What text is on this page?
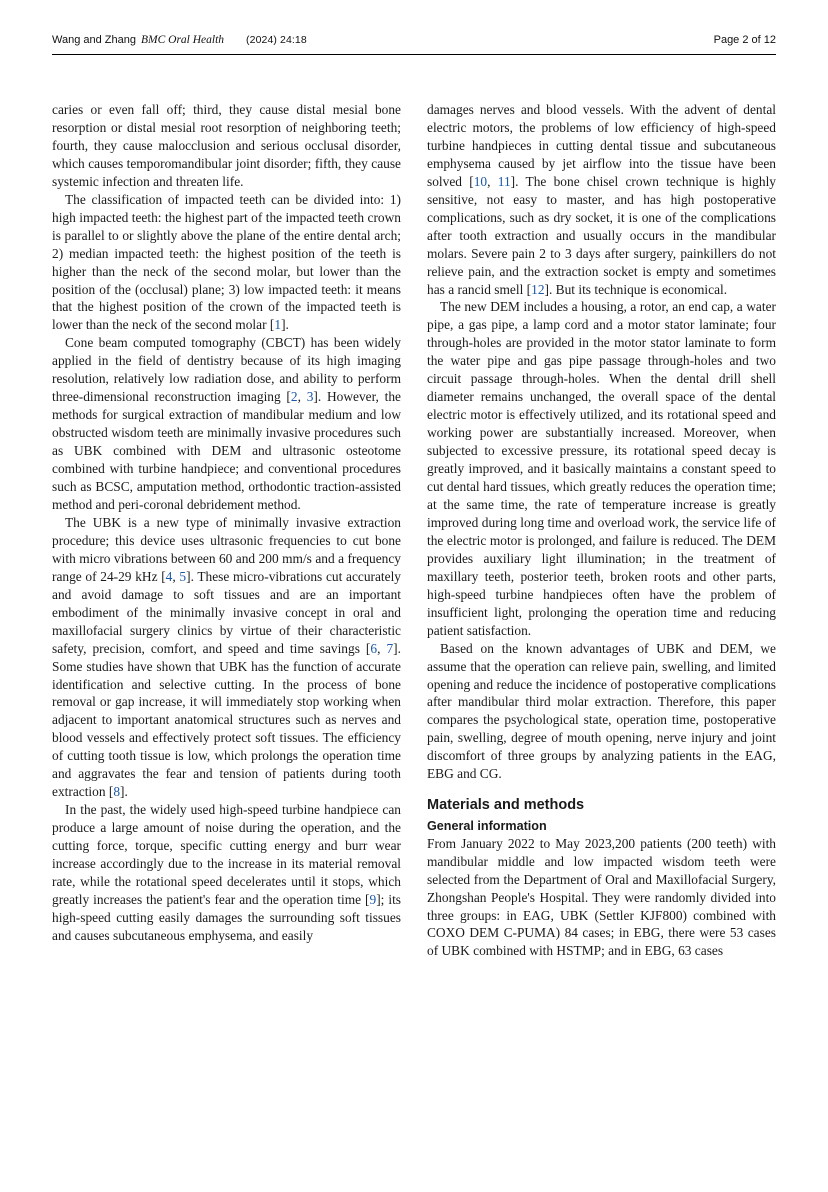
Wang and Zhang BMC Oral Health (2024) 24:18	Page 2 of 12

caries or even fall off; third, they cause distal mesial bone resorption or distal mesial root resorption of neighboring teeth; fourth, they cause malocclusion and serious occlusal disorder, which causes temporomandibular joint disorder; fifth, they cause systemic infection and threaten life.

The classification of impacted teeth can be divided into: 1) high impacted teeth: the highest part of the impacted teeth crown is parallel to or slightly above the plane of the entire dental arch; 2) median impacted teeth: the highest position of the teeth is higher than the neck of the second molar, but lower than the position of the (occlusal) plane; 3) low impacted teeth: it means that the highest position of the crown of the impacted teeth is lower than the neck of the second molar [1].

Cone beam computed tomography (CBCT) has been widely applied in the field of dentistry because of its high imaging resolution, relatively low radiation dose, and ability to perform three-dimensional reconstruction imaging [2, 3]. However, the methods for surgical extraction of mandibular medium and low obstructed wisdom teeth are minimally invasive procedures such as UBK combined with DEM and ultrasonic osteotome combined with turbine handpiece; and conventional procedures such as BCSC, amputation method, orthodontic traction-assisted method and peri-coronal debridement method.

The UBK is a new type of minimally invasive extraction procedure; this device uses ultrasonic frequencies to cut bone with micro vibrations between 60 and 200 mm/s and a frequency range of 24-29 kHz [4, 5]. These micro-vibrations cut accurately and avoid damage to soft tissues and are an important embodiment of the minimally invasive concept in oral and maxillofacial surgery clinics by virtue of their characteristic safety, precision, comfort, and speed and time savings [6, 7]. Some studies have shown that UBK has the function of accurate identification and selective cutting. In the process of bone removal or gap increase, it will immediately stop working when adjacent to important anatomical structures such as nerves and blood vessels and effectively protect soft tissues. The efficiency of cutting tooth tissue is low, which prolongs the operation time and aggravates the fear and tension of patients during tooth extraction [8].

In the past, the widely used high-speed turbine handpiece can produce a large amount of noise during the operation, and the cutting force, torque, specific cutting energy and burr wear increase accordingly due to the increase in its material removal rate, while the rotational speed decelerates until it stops, which greatly increases the patient's fear and the operation time [9]; its high-speed cutting easily damages the surrounding soft tissues and causes subcutaneous emphysema, and easily

damages nerves and blood vessels. With the advent of dental electric motors, the problems of low efficiency of high-speed turbine handpieces in cutting dental tissue and subcutaneous emphysema caused by jet airflow into the tissue have been solved [10, 11]. The bone chisel crown technique is highly sensitive, not easy to master, and has high postoperative complications, such as dry socket, it is one of the complications after tooth extraction and usually occurs in the mandibular molars. Severe pain 2 to 3 days after surgery, painkillers do not relieve pain, and the extraction socket is empty and sometimes has a rancid smell [12]. But its technique is economical.

The new DEM includes a housing, a rotor, an end cap, a water pipe, a gas pipe, a lamp cord and a motor stator laminate; four through-holes are provided in the motor stator laminate to form the water pipe and gas pipe passage through-holes and two circuit passage through-holes. When the dental drill shell diameter remains unchanged, the overall space of the dental electric motor is effectively utilized, and its rotational speed and working power are substantially increased. Moreover, when subjected to excessive pressure, its rotational speed decay is greatly improved, and it basically maintains a constant speed to cut dental hard tissues, which greatly reduces the operation time; at the same time, the rate of temperature increase is greatly improved during long time and overload work, the service life of the electric motor is prolonged, and failure is reduced. The DEM provides auxiliary light illumination; in the treatment of maxillary teeth, posterior teeth, broken roots and other parts, high-speed turbine handpieces often have the problem of insufficient light, prolonging the operation time and reducing patient satisfaction.

Based on the known advantages of UBK and DEM, we assume that the operation can relieve pain, swelling, and limited opening and reduce the incidence of postoperative complications after mandibular third molar extraction. Therefore, this paper compares the psychological state, operation time, postoperative pain, swelling, degree of mouth opening, nerve injury and joint discomfort of three groups by analyzing patients in the EAG, EBG and CG.

Materials and methods
General information

From January 2022 to May 2023,200 patients (200 teeth) with mandibular middle and low impacted wisdom teeth were selected from the Department of Oral and Maxillofacial Surgery, Zhongshan People's Hospital. They were randomly divided into three groups: in EAG, UBK (Settler KJF800) combined with COXO DEM C-PUMA) 84 cases; in EBG, there were 53 cases of UBK combined with HSTMP; and in EBG, 63 cases
